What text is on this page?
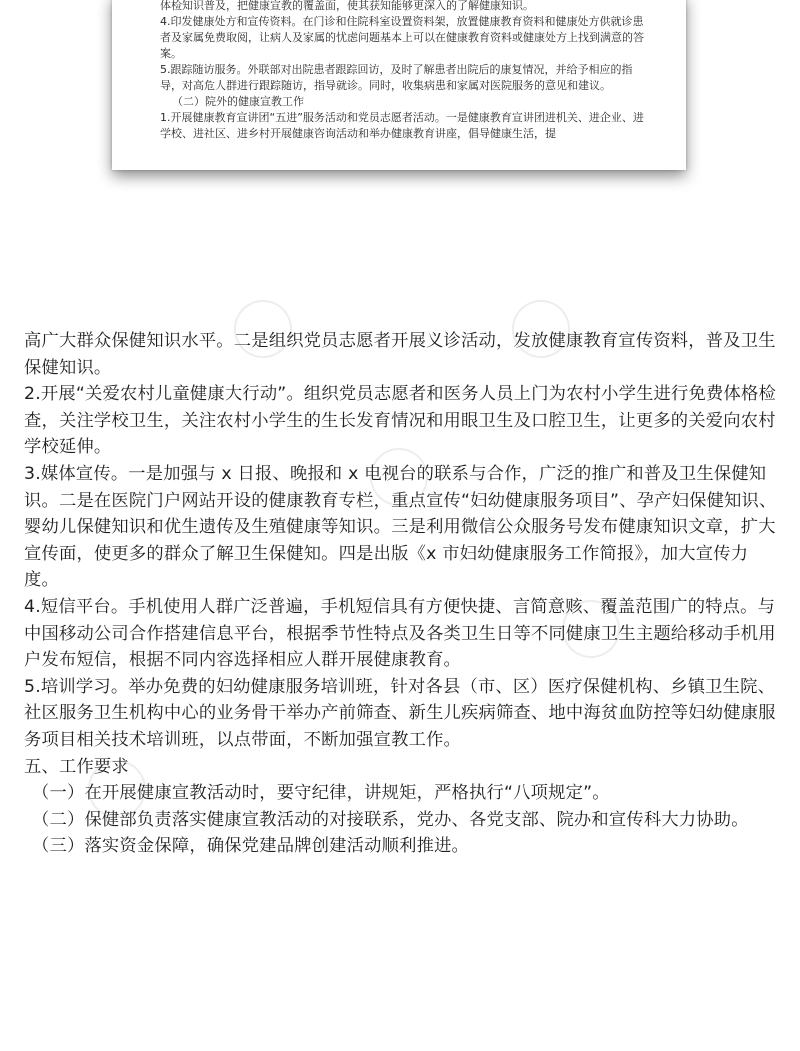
体检知识普及，把健康宣教的覆盖面，使其获知能够更深入的了解健康知识。

4.印发健康处方和宣传资料。在门诊和住院科室设置资料架，放置健康教育资料和健康处方供就诊患者及家属免费取阅，让病人及家属的忧虑问题基本上可以在健康教育资料或健康处方上找到满意的答案。

5.跟踪随访服务。外联部对出院患者跟踪回访，及时了解患者出院后的康复情况，并给予相应的指导，对高危人群进行跟踪随访，指导就诊。同时，收集病患和家属对医院服务的意见和建议。

（二）院外的健康宣教工作

1.开展健康教育宣讲团“五进”服务活动和党员志愿者活动。一是健康教育宣讲团进机关、进企业、进学校、进社区、进乡村开展健康咨询活动和举办健康教育讲座，倡导健康生活，提

高广大群众保健知识水平。二是组织党员志愿者开展义诊活动，发放健康教育宣传资料，普及卫生保健知识。

2.开展“关爱农村儿童健康大行动”。组织党员志愿者和医务人员上门为农村小学生进行免费体格检查，关注学校卫生，关注农村小学生的生长发育情况和用眼卫生及口腔卫生，让更多的关爱向农村学校延伸。

3.媒体宣传。一是加强与 x 日报、晚报和 x 电视台的联系与合作，广泛的推广和普及卫生保健知识。二是在医院门户网站开设的健康教育专栏，重点宣传“妇幼健康服务项目”、孕产妇保健知识、婴幼儿保健知识和优生遗传及生殖健康等知识。三是利用微信公众服务号发布健康知识文章，扩大宣传面，使更多的群众了解卫生保健知。四是出版《x 市妇幼健康服务工作简报》，加大宣传力度。

4.短信平台。手机使用人群广泛普遍，手机短信具有方便快捷、言简意赅、覆盖范围广的特点。与中国移动公司合作搭建信息平台，根据季节性特点及各类卫生日等不同健康卫生主题给移动手机用户发布短信，根据不同内容选择相应人群开展健康教育。

5.培训学习。举办免费的妇幼健康服务培训班，针对各县（市、区）医疗保健机构、乡镇卫生院、社区服务卫生机构中心的业务骨干举办产前筛查、新生儿疾病筛查、地中海贫血防控等妇幼健康服务项目相关技术培训班，以点带面，不断加强宣教工作。

五、工作要求

（一）在开展健康宣教活动时，要守纪律，讲规矩，严格执行“八项规定”。

（二）保健部负责落实健康宣教活动的对接联系，党办、各党支部、院办和宣传科大力协助。

（三）落实资金保障，确保党建品牌创建活动顺利推进。
